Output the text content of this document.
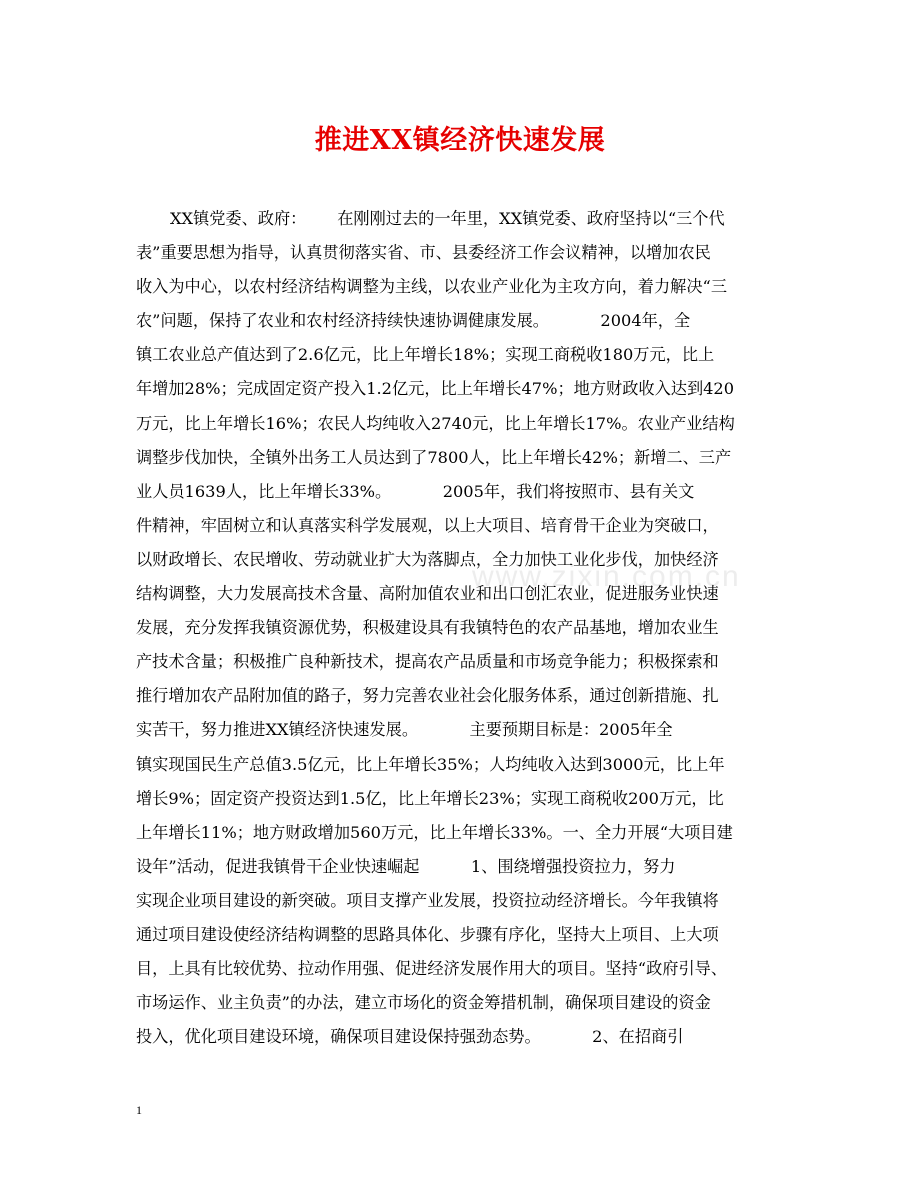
www.zixin.com.cn
推进XX镇经济快速发展
XX镇党委、政府：      在刚刚过去的一年里，XX镇党委、政府坚持以“三个代
表”重要思想为指导，认真贯彻落实省、市、县委经济工作会议精神，以增加农民
收入为中心，以农村经济结构调整为主线，以农业产业化为主攻方向，着力解决“三
农”问题，保持了农业和农村经济持续快速协调健康发展。          2004年，全
镇工农业总产值达到了2.6亿元，比上年增长18%；实现工商税收180万元，比上
年增加28%；完成固定资产投入1.2亿元，比上年增长47%；地方财政收入达到420
万元，比上年增长16%；农民人均纯收入2740元，比上年增长17%。农业产业结构
调整步伐加快，全镇外出务工人员达到了7800人，比上年增长42%；新增二、三产
业人员1639人，比上年增长33%。          2005年，我们将按照市、县有关文
件精神，牢固树立和认真落实科学发展观，以上大项目、培育骨干企业为突破口，
以财政增长、农民增收、劳动就业扩大为落脚点，全力加快工业化步伐，加快经济
结构调整，大力发展高技术含量、高附加值农业和出口创汇农业，促进服务业快速
发展，充分发挥我镇资源优势，积极建设具有我镇特色的农产品基地，增加农业生
产技术含量；积极推广良种新技术，提高农产品质量和市场竞争能力；积极探索和
推行增加农产品附加值的路子，努力完善农业社会化服务体系，通过创新措施、扎
实苦干，努力推进XX镇经济快速发展。          主要预期目标是：2005年全
镇实现国民生产总值3.5亿元，比上年增长35%；人均纯收入达到3000元，比上年
增长9%；固定资产投资达到1.5亿，比上年增长23%；实现工商税收200万元，比
上年增长11%；地方财政增加560万元，比上年增长33%。一、全力开展“大项目建
设年”活动，促进我镇骨干企业快速崛起          1、围绕增强投资拉力，努力
实现企业项目建设的新突破。项目支撑产业发展，投资拉动经济增长。今年我镇将
通过项目建设使经济结构调整的思路具体化、步骤有序化，坚持大上项目、上大项
目，上具有比较优势、拉动作用强、促进经济发展作用大的项目。坚持“政府引导、
市场运作、业主负责”的办法，建立市场化的资金筹措机制，确保项目建设的资金
投入，优化项目建设环境，确保项目建设保持强劲态势。          2、在招商引
1
